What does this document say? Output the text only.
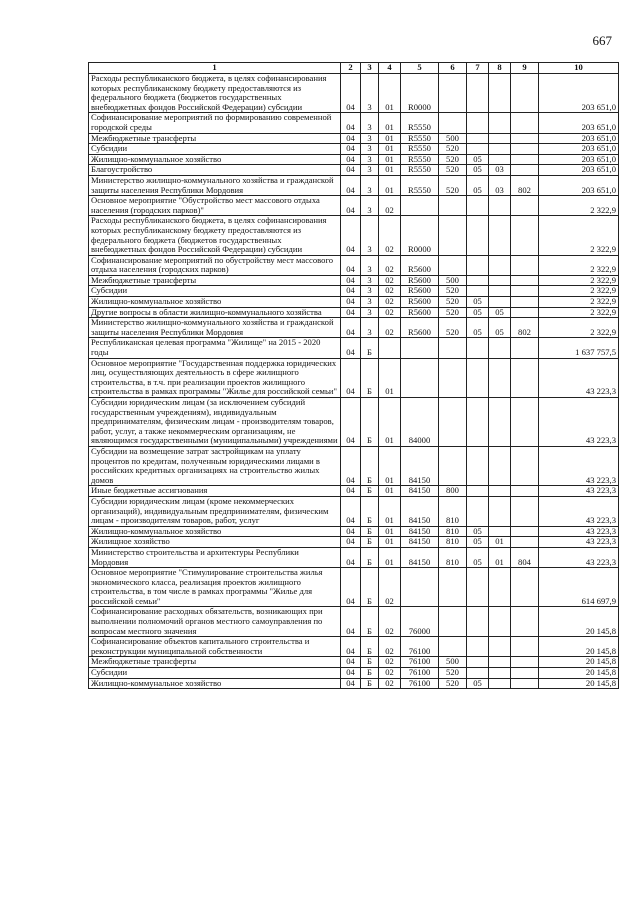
667
1	2	3	4	5	6	7	8	9	10
Расходы республиканского бюджета, в целях софинансирования которых республиканскому бюджету предоставляются из федерального бюджета (бюджетов государственных внебюджетных фондов Российской Федерации) субсидии	04	3	01	R0000					203 651,0
Софинансирование мероприятий по формированию современной городской среды	04	3	01	R5550					203 651,0
Межбюджетные трансферты	04	3	01	R5550	500				203 651,0
Субсидии	04	3	01	R5550	520				203 651,0
Жилищно-коммунальное хозяйство	04	3	01	R5550	520	05			203 651,0
Благоустройство	04	3	01	R5550	520	05	03		203 651,0
Министерство жилищно-коммунального хозяйства и гражданской защиты населения Республики Мордовия	04	3	01	R5550	520	05	03	802	203 651,0
Основное мероприятие "Обустройство мест массового отдыха населения (городских парков)"	04	3	02						2 322,9
Расходы республиканского бюджета, в целях софинансирования которых республиканскому бюджету предоставляются из федерального бюджета (бюджетов государственных внебюджетных фондов Российской Федерации) субсидии	04	3	02	R0000					2 322,9
Софинансирование мероприятий по обустройству мест массового отдыха населения (городских парков)	04	3	02	R5600					2 322,9
Межбюджетные трансферты	04	3	02	R5600	500				2 322,9
Субсидии	04	3	02	R5600	520				2 322,9
Жилищно-коммунальное хозяйство	04	3	02	R5600	520	05			2 322,9
Другие вопросы в области жилищно-коммунального хозяйства	04	3	02	R5600	520	05	05		2 322,9
Министерство жилищно-коммунального хозяйства и гражданской защиты населения Республики Мордовия	04	3	02	R5600	520	05	05	802	2 322,9
Республиканская целевая программа "Жилище" на 2015 - 2020 годы	04	Б							1 637 757,5
Основное мероприятие "Государственная поддержка юридических лиц, осуществляющих деятельность в сфере жилищного строительства, в т.ч. при реализации проектов жилищного строительства в рамках программы "Жилье для российской семьи"	04	Б	01						43 223,3
Субсидии юридическим лицам (за исключением субсидий государственным учреждениям), индивидуальным предпринимателям, физическим лицам - производителям товаров, работ, услуг, а также некоммерческим организациям, не являющимся государственными (муниципальными) учреждениями	04	Б	01	84000					43 223,3
Субсидии на возмещение затрат застройщикам на уплату процентов по кредитам, полученным юридическими лицами в российских кредитных организациях на строительство жилых домов	04	Б	01	84150					43 223,3
Иные бюджетные ассигнования	04	Б	01	84150	800				43 223,3
Субсидии юридическим лицам (кроме некоммерческих организаций), индивидуальным предпринимателям, физическим лицам - производителям товаров, работ, услуг	04	Б	01	84150	810				43 223,3
Жилищно-коммунальное хозяйство	04	Б	01	84150	810	05			43 223,3
Жилищное хозяйство	04	Б	01	84150	810	05	01		43 223,3
Министерство строительства и архитектуры Республики Мордовия	04	Б	01	84150	810	05	01	804	43 223,3
Основное мероприятие "Стимулирование строительства жилья экономического класса, реализация проектов жилищного строительства, в том числе в рамках программы "Жилье для российской семьи"	04	Б	02						614 697,9
Софинансирование расходных обязательств, возникающих при выполнении полномочий органов местного самоуправления по вопросам местного значения	04	Б	02	76000					20 145,8
Софинансирование объектов капитального строительства и реконструкции муниципальной собственности	04	Б	02	76100					20 145,8
Межбюджетные трансферты	04	Б	02	76100	500				20 145,8
Субсидии	04	Б	02	76100	520				20 145,8
Жилищно-коммунальное хозяйство	04	Б	02	76100	520	05			20 145,8
